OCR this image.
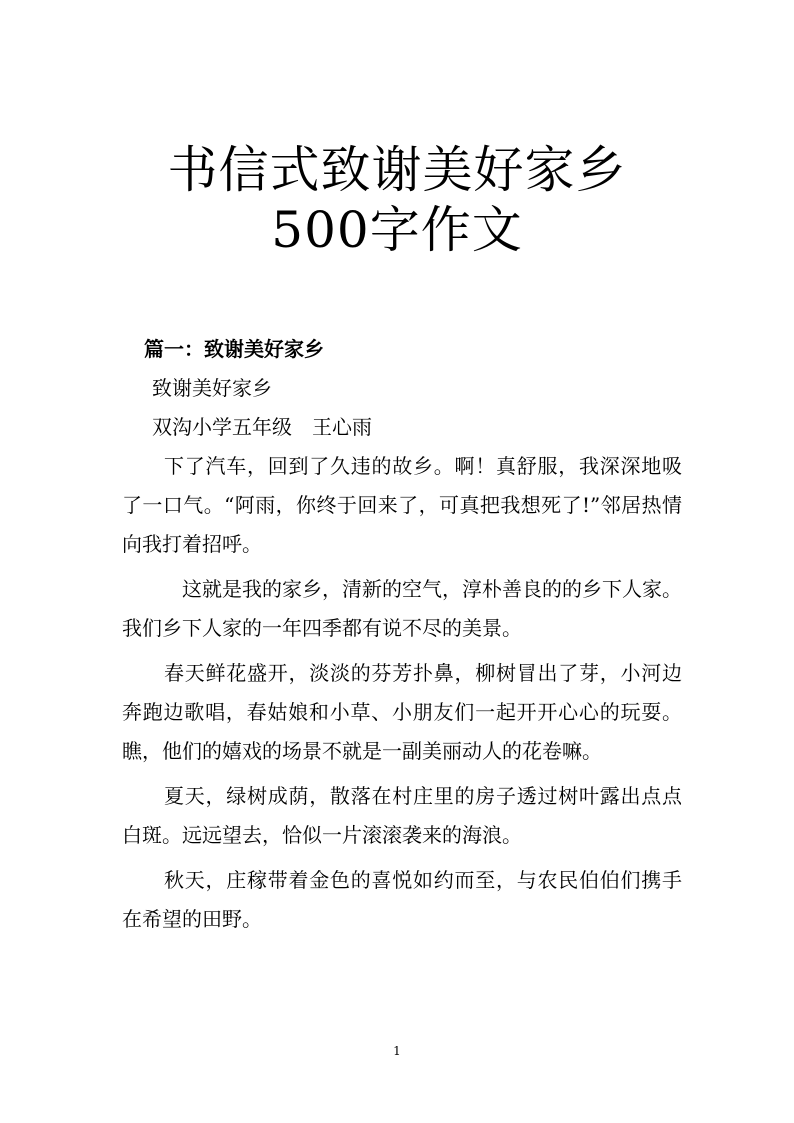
书信式致谢美好家乡500字作文

篇一：致谢美好家乡

致谢美好家乡

双沟小学五年级　王心雨

下了汽车，回到了久违的故乡。啊！真舒服，我深深地吸了一口气。“阿雨，你终于回来了，可真把我想死了!”邻居热情向我打着招呼。

这就是我的家乡，清新的空气，淳朴善良的的乡下人家。 我们乡下人家的一年四季都有说不尽的美景。

春天鲜花盛开，淡淡的芬芳扑鼻，柳树冒出了芽，小河边奔跑边歌唱，春姑娘和小草、小朋友们一起开开心心的玩耍。瞧，他们的嬉戏的场景不就是一副美丽动人的花卷嘛。

夏天，绿树成荫，散落在村庄里的房子透过树叶露出点点白斑。远远望去，恰似一片滚滚袭来的海浪。

秋天，庄稼带着金色的喜悦如约而至，与农民伯伯们携手在希望的田野。

1
